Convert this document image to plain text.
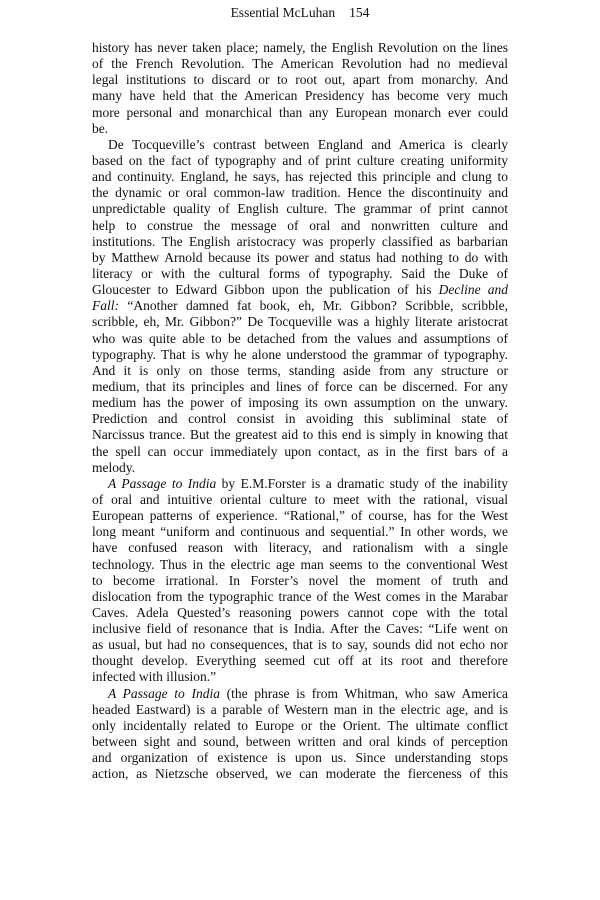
Essential McLuhan 154
history has never taken place; namely, the English Revolution on the lines
of the French Revolution. The American Revolution had no medieval
legal institutions to discard or to root out, apart from monarchy. And
many have held that the American Presidency has become very much
more personal and monarchical than any European monarch ever could
be.
De Tocqueville’s contrast between England and America is clearly
based on the fact of typography and of print culture creating uniformity
and continuity. England, he says, has rejected this principle and clung to
the dynamic or oral common-law tradition. Hence the discontinuity and
unpredictable quality of English culture. The grammar of print cannot
help to construe the message of oral and nonwritten culture and
institutions. The English aristocracy was properly classified as barbarian
by Matthew Arnold because its power and status had nothing to do with
literacy or with the cultural forms of typography. Said the Duke of
Gloucester to Edward Gibbon upon the publication of his Decline and
Fall: “Another damned fat book, eh, Mr. Gibbon? Scribble, scribble,
scribble, eh, Mr. Gibbon?” De Tocqueville was a highly literate aristocrat
who was quite able to be detached from the values and assumptions of
typography. That is why he alone understood the grammar of typography.
And it is only on those terms, standing aside from any structure or
medium, that its principles and lines of force can be discerned. For any
medium has the power of imposing its own assumption on the unwary.
Prediction and control consist in avoiding this subliminal state of
Narcissus trance. But the greatest aid to this end is simply in knowing that
the spell can occur immediately upon contact, as in the first bars of a
melody.
A Passage to India by E.M.Forster is a dramatic study of the inability
of oral and intuitive oriental culture to meet with the rational, visual
European patterns of experience. “Rational,” of course, has for the West
long meant “uniform and continuous and sequential.” In other words, we
have confused reason with literacy, and rationalism with a single
technology. Thus in the electric age man seems to the conventional West
to become irrational. In Forster’s novel the moment of truth and
dislocation from the typographic trance of the West comes in the Marabar
Caves. Adela Quested’s reasoning powers cannot cope with the total
inclusive field of resonance that is India. After the Caves: “Life went on
as usual, but had no consequences, that is to say, sounds did not echo nor
thought develop. Everything seemed cut off at its root and therefore
infected with illusion.”
A Passage to India (the phrase is from Whitman, who saw America
headed Eastward) is a parable of Western man in the electric age, and is
only incidentally related to Europe or the Orient. The ultimate conflict
between sight and sound, between written and oral kinds of perception
and organization of existence is upon us. Since understanding stops
action, as Nietzsche observed, we can moderate the fierceness of this
